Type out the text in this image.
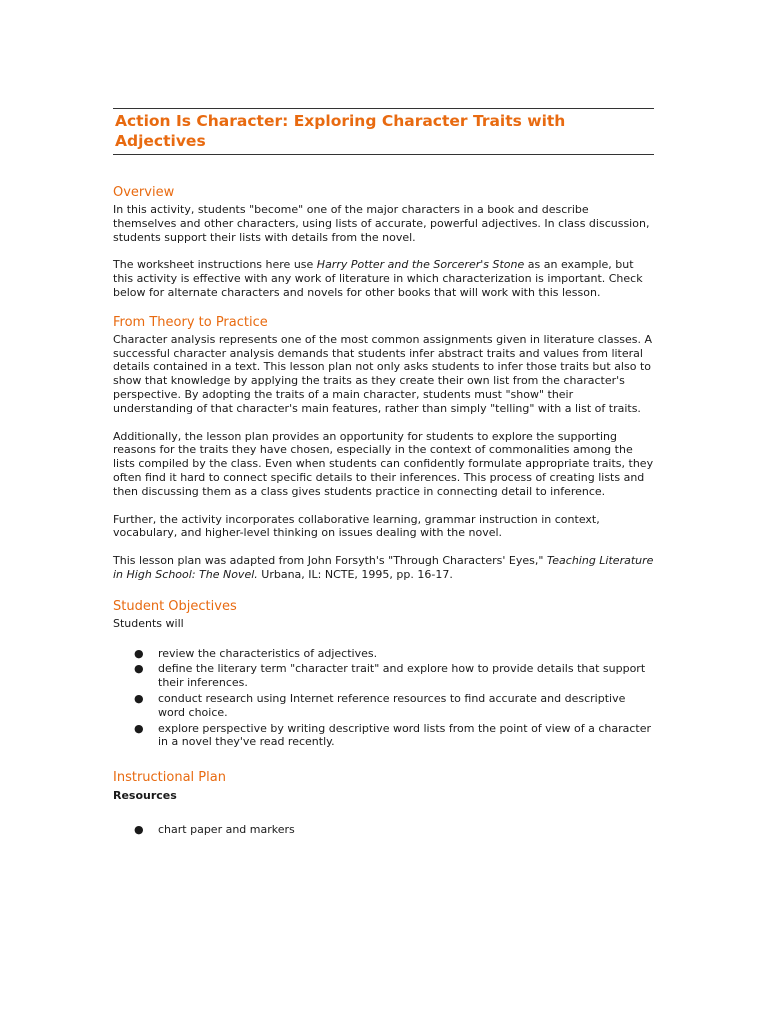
Action Is Character: Exploring Character Traits with Adjectives
Overview

In this activity, students "become" one of the major characters in a book and describe themselves and other characters, using lists of accurate, powerful adjectives. In class discussion, students support their lists with details from the novel.

The worksheet instructions here use Harry Potter and the Sorcerer's Stone as an example, but this activity is effective with any work of literature in which characterization is important. Check below for alternate characters and novels for other books that will work with this lesson.

From Theory to Practice

Character analysis represents one of the most common assignments given in literature classes. A successful character analysis demands that students infer abstract traits and values from literal details contained in a text. This lesson plan not only asks students to infer those traits but also to show that knowledge by applying the traits as they create their own list from the character's perspective. By adopting the traits of a main character, students must "show" their understanding of that character's main features, rather than simply "telling" with a list of traits.

Additionally, the lesson plan provides an opportunity for students to explore the supporting reasons for the traits they have chosen, especially in the context of commonalities among the lists compiled by the class. Even when students can confidently formulate appropriate traits, they often find it hard to connect specific details to their inferences. This process of creating lists and then discussing them as a class gives students practice in connecting detail to inference.

Further, the activity incorporates collaborative learning, grammar instruction in context, vocabulary, and higher-level thinking on issues dealing with the novel.

This lesson plan was adapted from John Forsyth's "Through Characters' Eyes," Teaching Literature in High School: The Novel. Urbana, IL: NCTE, 1995, pp. 16-17.

Student Objectives

Students will

● review the characteristics of adjectives.
● define the literary term "character trait" and explore how to provide details that support their inferences.
● conduct research using Internet reference resources to find accurate and descriptive word choice.
● explore perspective by writing descriptive word lists from the point of view of a character in a novel they've read recently.
Instructional Plan

Resources

● chart paper and markers
